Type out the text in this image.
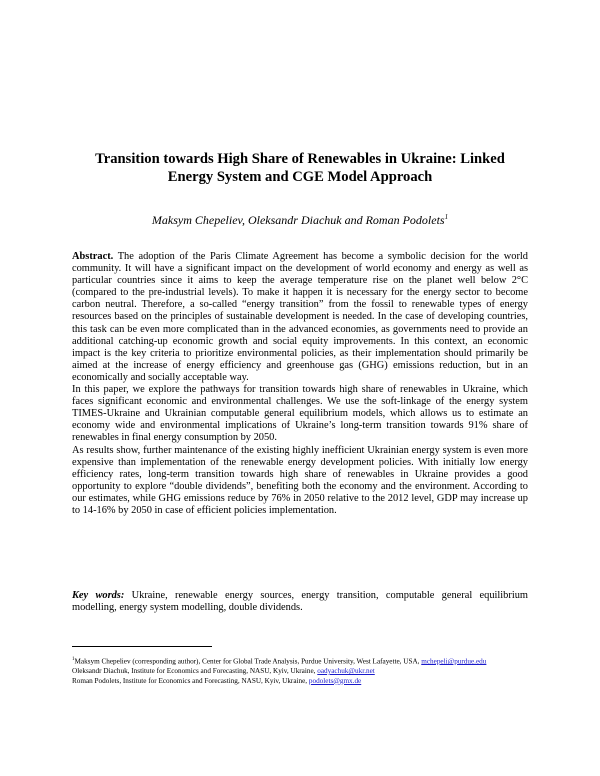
Transition towards High Share of Renewables in Ukraine: Linked
Energy System and CGE Model Approach
Maksym Chepeliev, Oleksandr Diachuk and Roman Podolets$^1$

Abstract. The adoption of the Paris Climate Agreement has become a symbolic decision for the world community. It will have a significant impact on the development of world economy and energy as well as particular countries since it aims to keep the average temperature rise on the planet well below 2°C (compared to the pre-industrial levels). To make it happen it is necessary for the energy sector to become carbon neutral. Therefore, a so-called “energy transition” from the fossil to renewable types of energy resources based on the principles of sustainable development is needed. In the case of developing countries, this task can be even more complicated than in the advanced economies, as governments need to provide an additional catching-up economic growth and social equity improvements. In this context, an economic impact is the key criteria to prioritize environmental policies, as their implementation should primarily be aimed at the increase of energy efficiency and greenhouse gas (GHG) emissions reduction, but in an economically and socially acceptable way.

In this paper, we explore the pathways for transition towards high share of renewables in Ukraine, which faces significant economic and environmental challenges. We use the soft-linkage of the energy system TIMES-Ukraine and Ukrainian computable general equilibrium models, which allows us to estimate an economy wide and environmental implications of Ukraine’s long-term transition towards 91% share of renewables in final energy consumption by 2050.

As results show, further maintenance of the existing highly inefficient Ukrainian energy system is even more expensive than implementation of the renewable energy development policies. With initially low energy efficiency rates, long-term transition towards high share of renewables in Ukraine provides a good opportunity to explore “double dividends”, benefiting both the economy and the environment. According to our estimates, while GHG emissions reduce by 76% in 2050 relative to the 2012 level, GDP may increase up to 14-16% by 2050 in case of efficient policies implementation.

Key words: Ukraine, renewable energy sources, energy transition, computable general equilibrium modelling, energy system modelling, double dividends.

$^1$Maksym Chepeliev (corresponding author), Center for Global Trade Analysis, Purdue University, West Lafayette, USA, mchepeli@purdue.edu

Oleksandr Diachuk, Institute for Economics and Forecasting, NASU, Kyiv, Ukraine, oadyachuk@ukr.net

Roman Podolets, Institute for Economics and Forecasting, NASU, Kyiv, Ukraine, podolets@gmx.de
